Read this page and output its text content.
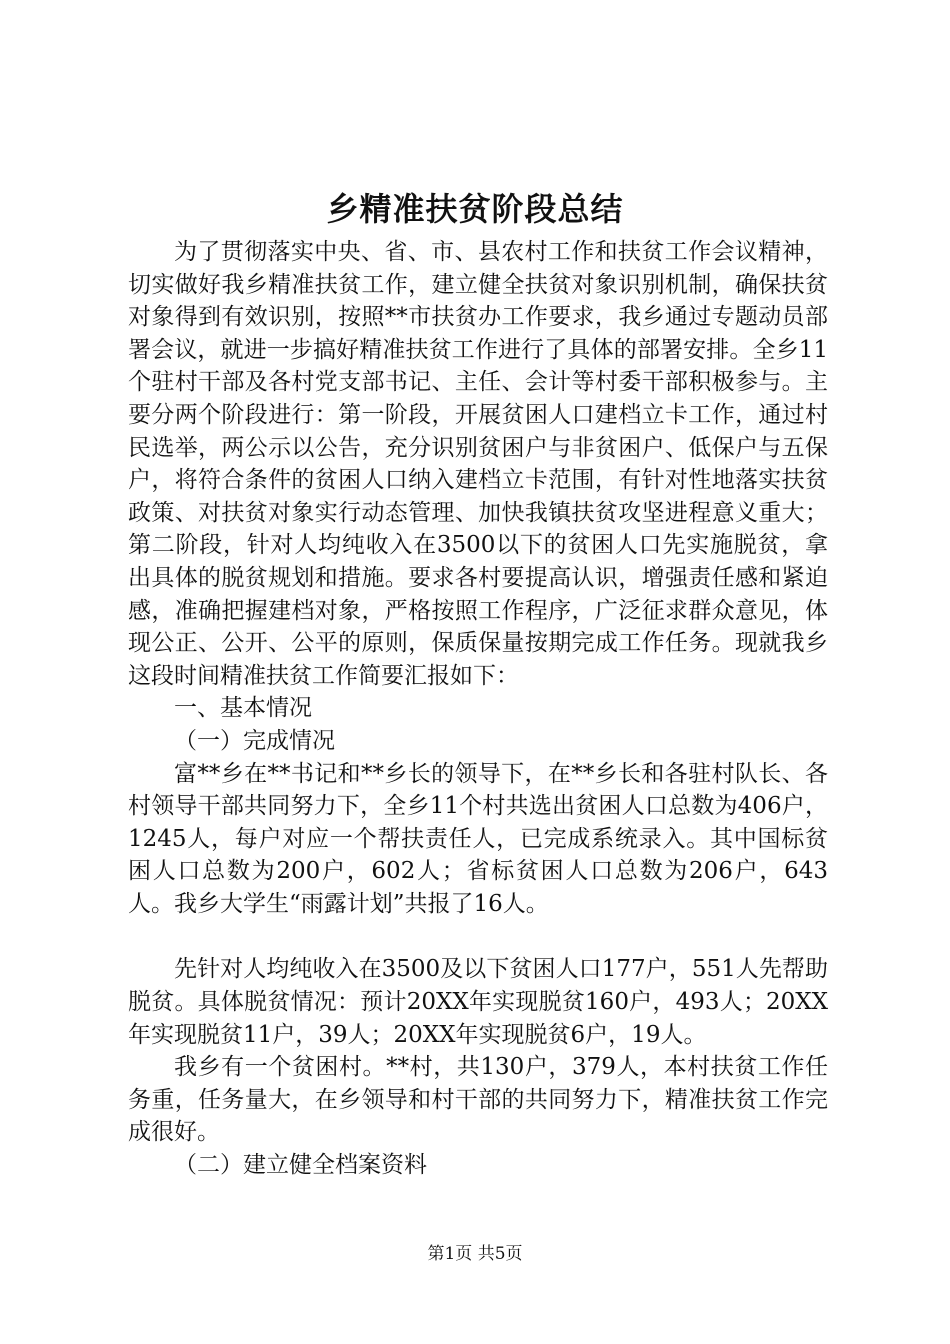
乡精准扶贫阶段总结

为了贯彻落实中央、省、市、县农村工作和扶贫工作会议精神，切实做好我乡精准扶贫工作，建立健全扶贫对象识别机制，确保扶贫对象得到有效识别，按照**市扶贫办工作要求，我乡通过专题动员部署会议，就进一步搞好精准扶贫工作进行了具体的部署安排。全乡11个驻村干部及各村党支部书记、主任、会计等村委干部积极参与。主要分两个阶段进行：第一阶段，开展贫困人口建档立卡工作，通过村民选举，两公示以公告，充分识别贫困户与非贫困户、低保户与五保户，将符合条件的贫困人口纳入建档立卡范围，有针对性地落实扶贫政策、对扶贫对象实行动态管理、加快我镇扶贫攻坚进程意义重大；第二阶段，针对人均纯收入在3500以下的贫困人口先实施脱贫，拿出具体的脱贫规划和措施。要求各村要提高认识，增强责任感和紧迫感，准确把握建档对象，严格按照工作程序，广泛征求群众意见，体现公正、公开、公平的原则，保质保量按期完成工作任务。现就我乡这段时间精准扶贫工作简要汇报如下：

一、基本情况

（一）完成情况

富**乡在**书记和**乡长的领导下，在**乡长和各驻村队长、各村领导干部共同努力下，全乡11个村共选出贫困人口总数为406户，1245人，每户对应一个帮扶责任人，已完成系统录入。其中国标贫困人口总数为200户，602人；省标贫困人口总数为206户，643人。我乡大学生“雨露计划”共报了16人。

先针对人均纯收入在3500及以下贫困人口177户，551人先帮助脱贫。具体脱贫情况：预计20XX年实现脱贫160户，493人；20XX年实现脱贫11户，39人；20XX年实现脱贫6户，19人。

我乡有一个贫困村。**村，共130户，379人，本村扶贫工作任务重，任务量大，在乡领导和村干部的共同努力下，精准扶贫工作完成很好。

（二）建立健全档案资料

第1页 共5页
